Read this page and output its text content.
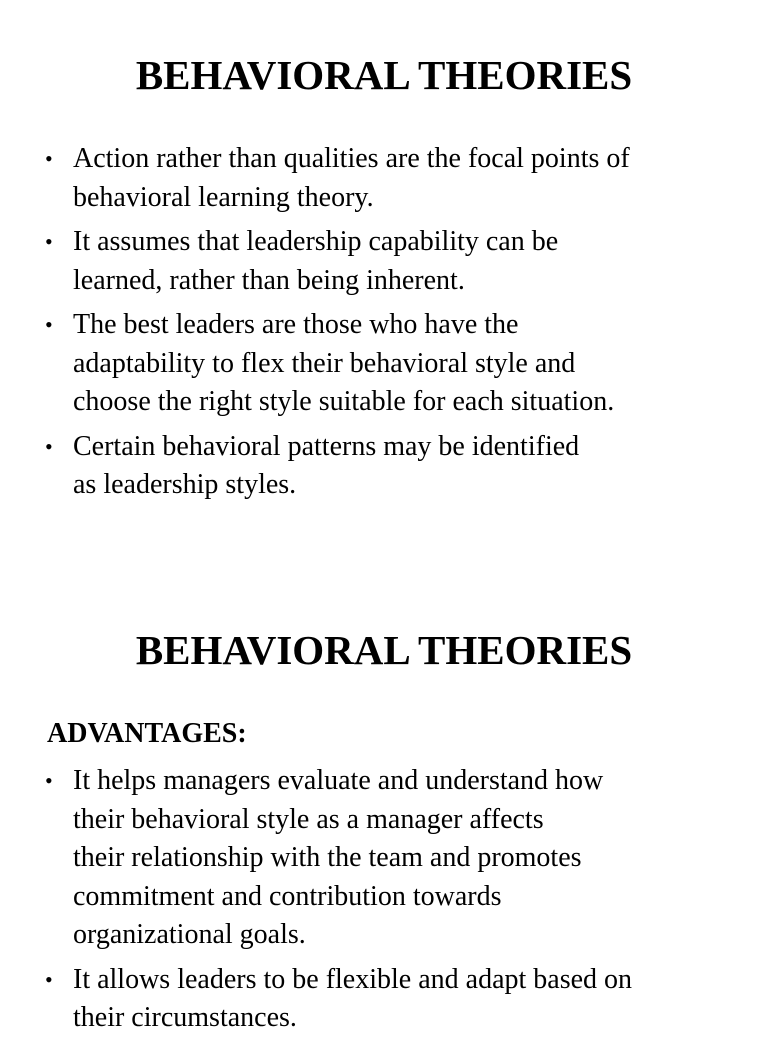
BEHAVIORAL THEORIES
• Action rather than qualities are the focal points of
behavioral learning theory.
• It assumes that leadership capability can be
learned, rather than being inherent.
• The best leaders are those who have the
adaptability to flex their behavioral style and
choose the right style suitable for each situation.
• Certain behavioral patterns may be identified
as leadership styles.
BEHAVIORAL THEORIES
ADVANTAGES:
• It helps managers evaluate and understand how
their behavioral style as a manager affects
their relationship with the team and promotes
commitment and contribution towards
organizational goals.
• It allows leaders to be flexible and adapt based on
their circumstances.
